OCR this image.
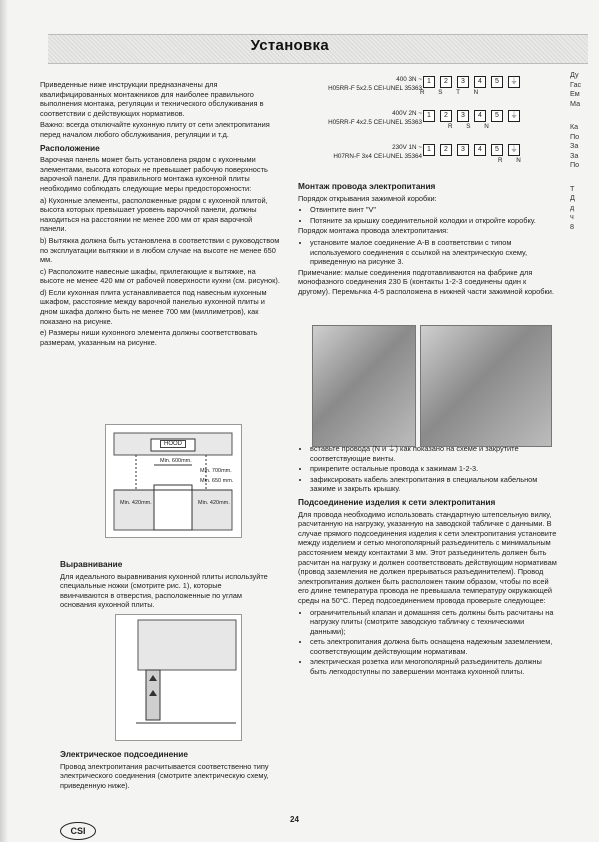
Установка

Приведенные ниже инструкции предназначены для квалифицированных монтажников для наиболее правильного выполнения монтажа, регуляции и технического обслуживания в соответствии с действующих нормативов.

Важно: всегда отключайте кухонную плиту от сети электропитания перед началом любого обслуживания, регуляции и т.д.

Расположение

Варочная панель может быть установлена рядом с кухонными элементами, высота которых не превышает рабочую поверхность варочной панели. Для правильного монтажа кухонной плиты необходимо соблюдать следующие меры предосторожности:

a) Кухонные элементы, расположенные рядом с кухонной плитой, высота которых превышает уровень варочной панели, должны находиться на расстоянии не менее 200 мм от края варочной панели.

b) Вытяжка должна быть установлена в соответствии с руководством по эксплуатации вытяжки и в любом случае на высоте не менее 650 мм.

c) Расположите навесные шкафы, прилегающие к вытяжке, на высоте не менее 420 мм от рабочей поверхности кухни (см. рисунок).

d) Если кухонная плита устанавливается под навесным кухонным шкафом, расстояние между варочной панелью кухонной плиты и дном шкафа должно быть не менее 700 мм (миллиметров), как показано на рисунке.

e) Размеры ниши кухонного элемента должны соответствовать размерам, указанным на рисунке.

HOOD
Min. 600mm.
Min. 420mm.	Min. 420mm.
Min. 650 mm.
Min. 700mm.
Выравнивание

Для идеального выравнивания кухонной плиты используйте специальные ножки (смотрите рис. 1), которые ввинчиваются в отверстия, расположенные по углам основания кухонной плиты.

Электрическое подсоединение

Провод электропитания расчитывается соответственно типу электрического соединения (смотрите электрическую схему, приведенную ниже).

400 3N ~
H05RR-F 5x2.5 CEI-UNEL 35363
1	2	3	4	5	⏚
R S T N
400V 2N ~
H05RR-F 4x2.5 CEI-UNEL 35363
1	2	3	4	5	⏚
R S N
230V 1N ~
H07RN-F 3x4 CEI-UNEL 35364
1	2	3	4	5	⏚
R N
Монтаж провода электропитания

Порядок открывания зажимной коробки:

• Отвинтите винт "V"
• Потяните за крышку соединительной колодки и откройте коробку.

Порядок монтажа провода электропитания:

• установите малое соединение A-B в соответствии с типом используемого соединения с ссылкой на электрическую схему, приведенную на рисунке 3.

Примечание: малые соединения подготавливаются на фабрике для монофазного соединения 230 Б (контакты 1-2-3 соединены один к другому). Перемычка 4-5 расположена в нижней части зажимной коробки.

• вставьте провода (N и ⏚) как показано на схеме и закрутите соответствующие винты.
• прикрепите остальные провода к зажимам 1-2-3.
• зафиксировать кабель электропитания в специальном кабельном зажиме и закрыть крышку.
Подсоединение изделия к сети электропитания

Для провода необходимо использовать стандартную штепсельную вилку, расчитанную на нагрузку, указанную на заводской табличке с данными. В случае прямого подсоединения изделия к сети электропитания установите между изделием и сетью многополярный разъединитель с минимальным расстоянием между контактами 3 мм. Этот разъединитель должен быть расчитан на нагрузку и должен соответствовать действующим нормативам (провод заземления не должен прерываться разъединителем). Провод электропитания должен быть расположен таким образом, чтобы по всей его длине температура провода не превышала температуру окружающей среды на 50°C. Перед подсоединением провода проверьте следующее:

• ограничительный клапан и домашняя сеть должны быть расчитаны на нагрузку плиты (смотрите заводскую табличку с техническими данными);
• сеть электропитания должна быть оснащена надежным заземлением, соответствующим действующим нормативам.
• электрическая розетка или многополярный разъединитель должны быть легкодоступны по завершении монтажа кухонной плиты.
Ду
Гас
Ем
Ма
Ка
По
За
За
По
Т
Д
д
ч
8
CSI
24
